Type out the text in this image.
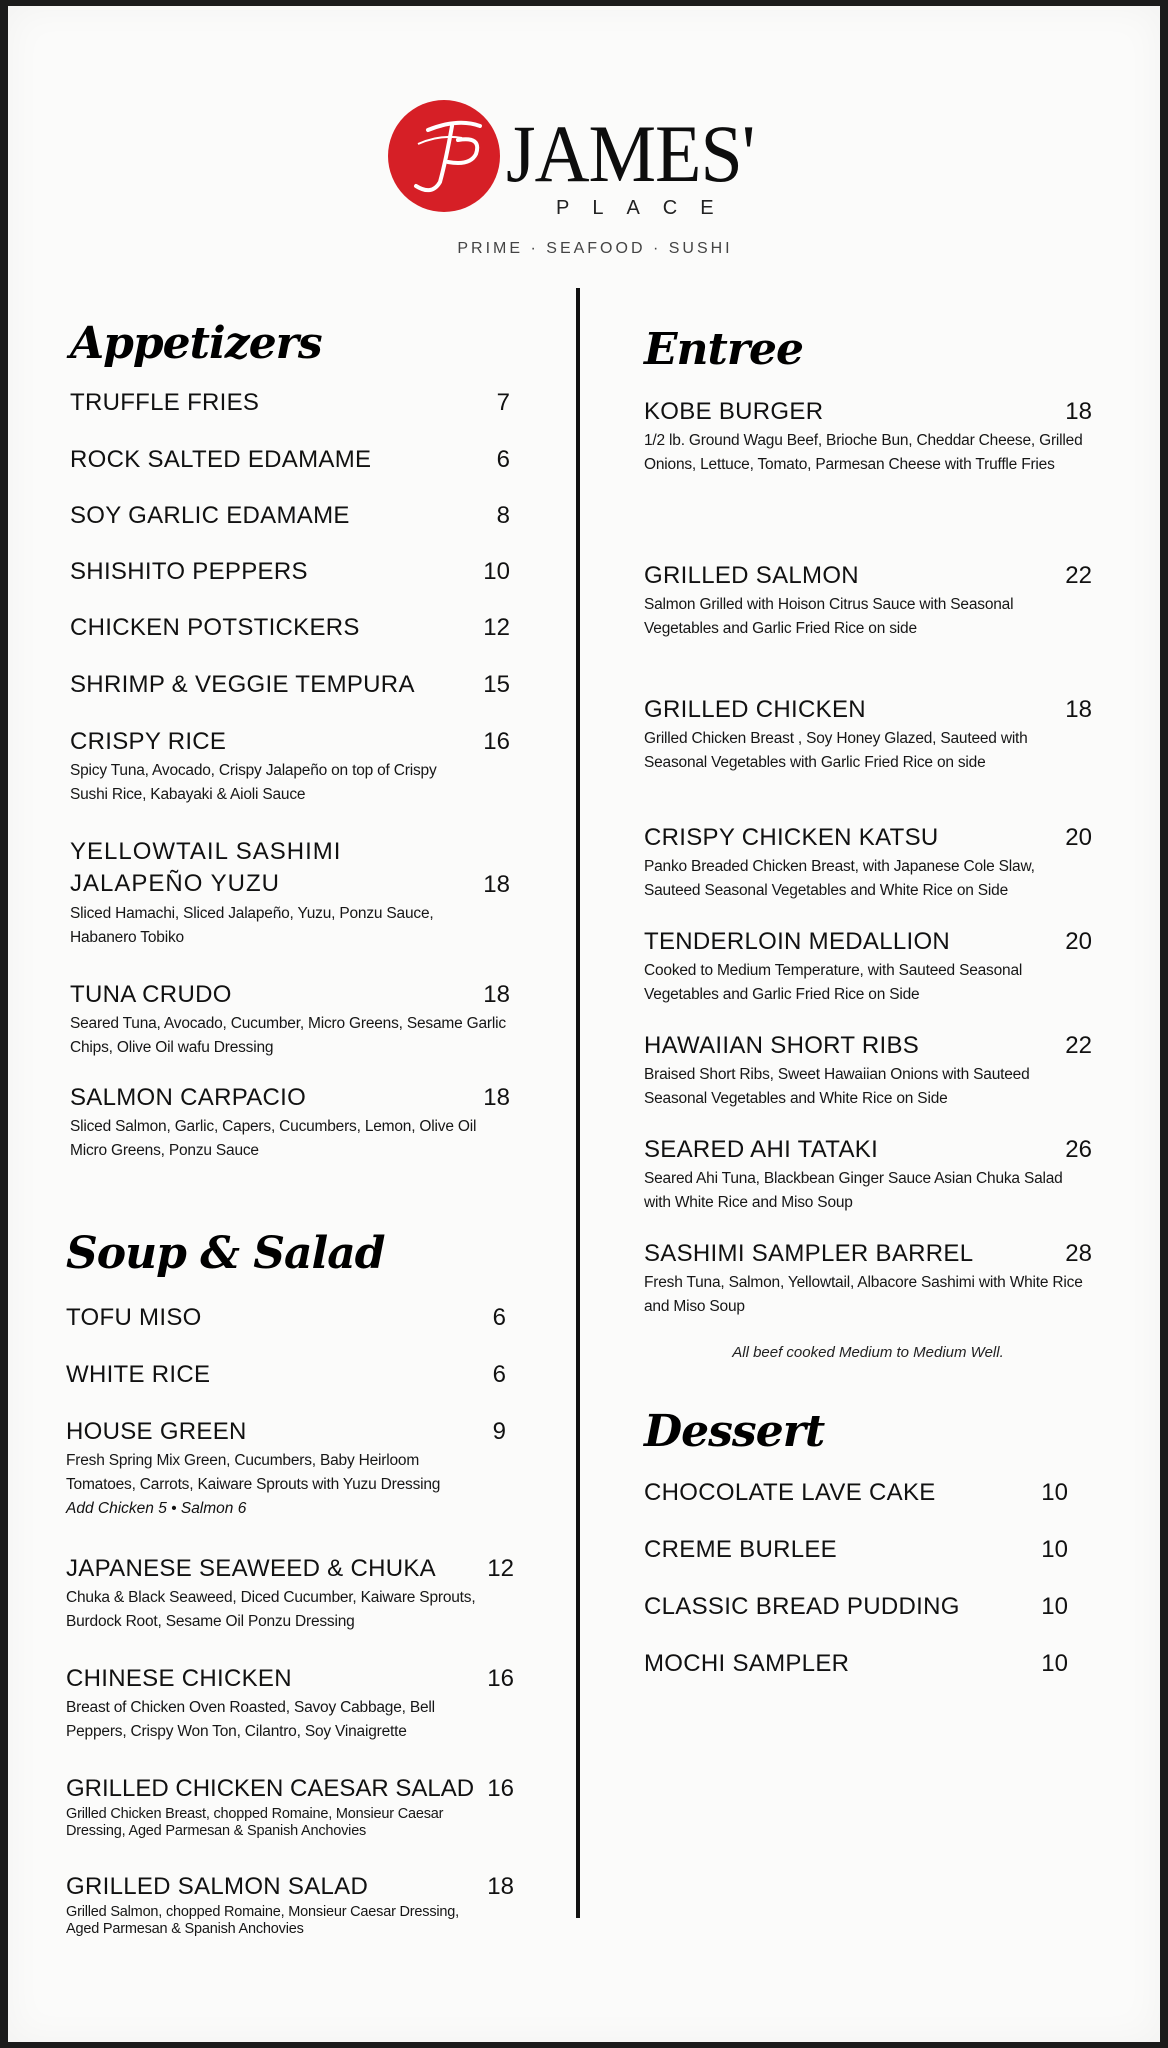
JAMES'
PLACE
PRIME · SEAFOOD · SUSHI
Appetizers
TRUFFLE FRIES	7
ROCK SALTED EDAMAME	6
SOY GARLIC EDAMAME	8
SHISHITO PEPPERS	10
CHICKEN POTSTICKERS	12
SHRIMP & VEGGIE TEMPURA	15
CRISPY RICE	16
Spicy Tuna, Avocado, Crispy Jalapeño on top of Crispy Sushi Rice, Kabayaki & Aioli Sauce
YELLOWTAIL SASHIMI JALAPEÑO YUZU	18
Sliced Hamachi, Sliced Jalapeño, Yuzu, Ponzu Sauce, Habanero Tobiko
TUNA CRUDO	18
Seared Tuna, Avocado, Cucumber, Micro Greens, Sesame Garlic Chips, Olive Oil wafu Dressing
SALMON CARPACIO	18
Sliced Salmon, Garlic, Capers, Cucumbers, Lemon, Olive Oil Micro Greens, Ponzu Sauce
Soup & Salad
TOFU MISO	6
WHITE RICE	6
HOUSE GREEN	9
Fresh Spring Mix Green, Cucumbers, Baby Heirloom Tomatoes, Carrots, Kaiware Sprouts with Yuzu Dressing
Add Chicken 5 • Salmon 6
JAPANESE SEAWEED & CHUKA	12
Chuka & Black Seaweed, Diced Cucumber, Kaiware Sprouts, Burdock Root, Sesame Oil Ponzu Dressing
CHINESE CHICKEN	16
Breast of Chicken Oven Roasted, Savoy Cabbage, Bell Peppers, Crispy Won Ton, Cilantro, Soy Vinaigrette
GRILLED CHICKEN CAESAR SALAD 16
Grilled Chicken Breast, chopped Romaine, Monsieur Caesar Dressing, Aged Parmesan & Spanish Anchovies
GRILLED SALMON SALAD	18
Grilled Salmon, chopped Romaine, Monsieur Caesar Dressing, Aged Parmesan & Spanish Anchovies
Entree
KOBE BURGER	18
1/2 lb. Ground Wagu Beef, Brioche Bun, Cheddar Cheese, Grilled Onions, Lettuce, Tomato, Parmesan Cheese with Truffle Fries
GRILLED SALMON	22
Salmon Grilled with Hoison Citrus Sauce with Seasonal Vegetables and Garlic Fried Rice on side
GRILLED CHICKEN	18
Grilled Chicken Breast , Soy Honey Glazed, Sauteed with Seasonal Vegetables with Garlic Fried Rice on side
CRISPY CHICKEN KATSU	20
Panko Breaded Chicken Breast, with Japanese Cole Slaw, Sauteed Seasonal Vegetables and White Rice on Side
TENDERLOIN MEDALLION	20
Cooked to Medium Temperature, with Sauteed Seasonal Vegetables and Garlic Fried Rice on Side
HAWAIIAN SHORT RIBS	22
Braised Short Ribs, Sweet Hawaiian Onions with Sauteed Seasonal Vegetables and White Rice on Side
SEARED AHI TATAKI	26
Seared Ahi Tuna, Blackbean Ginger Sauce Asian Chuka Salad with White Rice and Miso Soup
SASHIMI SAMPLER BARREL	28
Fresh Tuna, Salmon, Yellowtail, Albacore Sashimi with White Rice and Miso Soup
All beef cooked Medium to Medium Well.
Dessert
CHOCOLATE LAVE CAKE	10
CREME BURLEE	10
CLASSIC BREAD PUDDING	10
MOCHI SAMPLER	10
